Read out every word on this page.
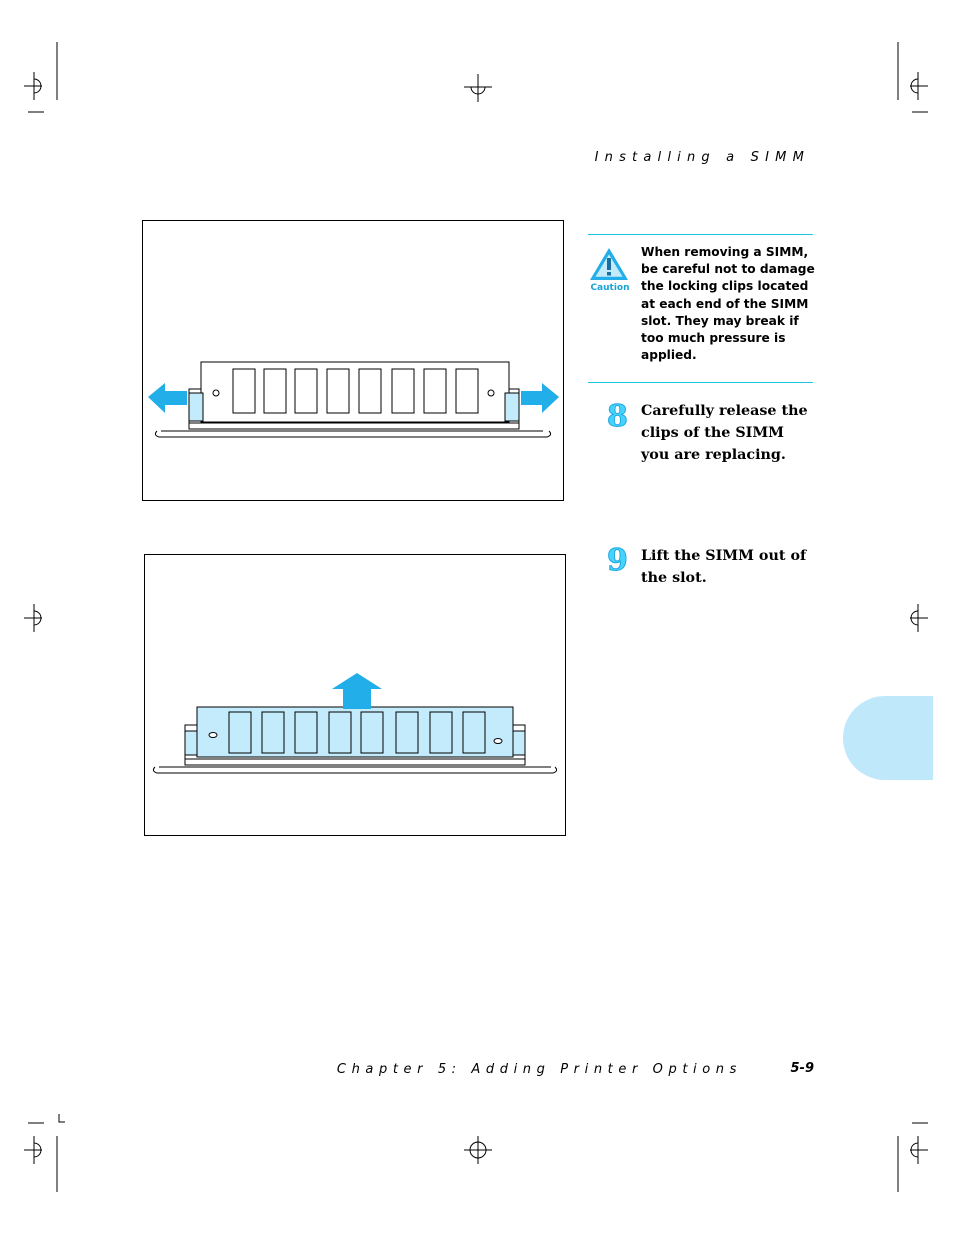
Installing a SIMM
Caution
When removing a SIMM, be careful not to damage the locking clips located at each end of the SIMM slot. They may break if too much pressure is applied.
8 Carefully release the clips of the SIMM you are replacing.
9 Lift the SIMM out of the slot.
Chapter 5: Adding Printer Options	5-9
